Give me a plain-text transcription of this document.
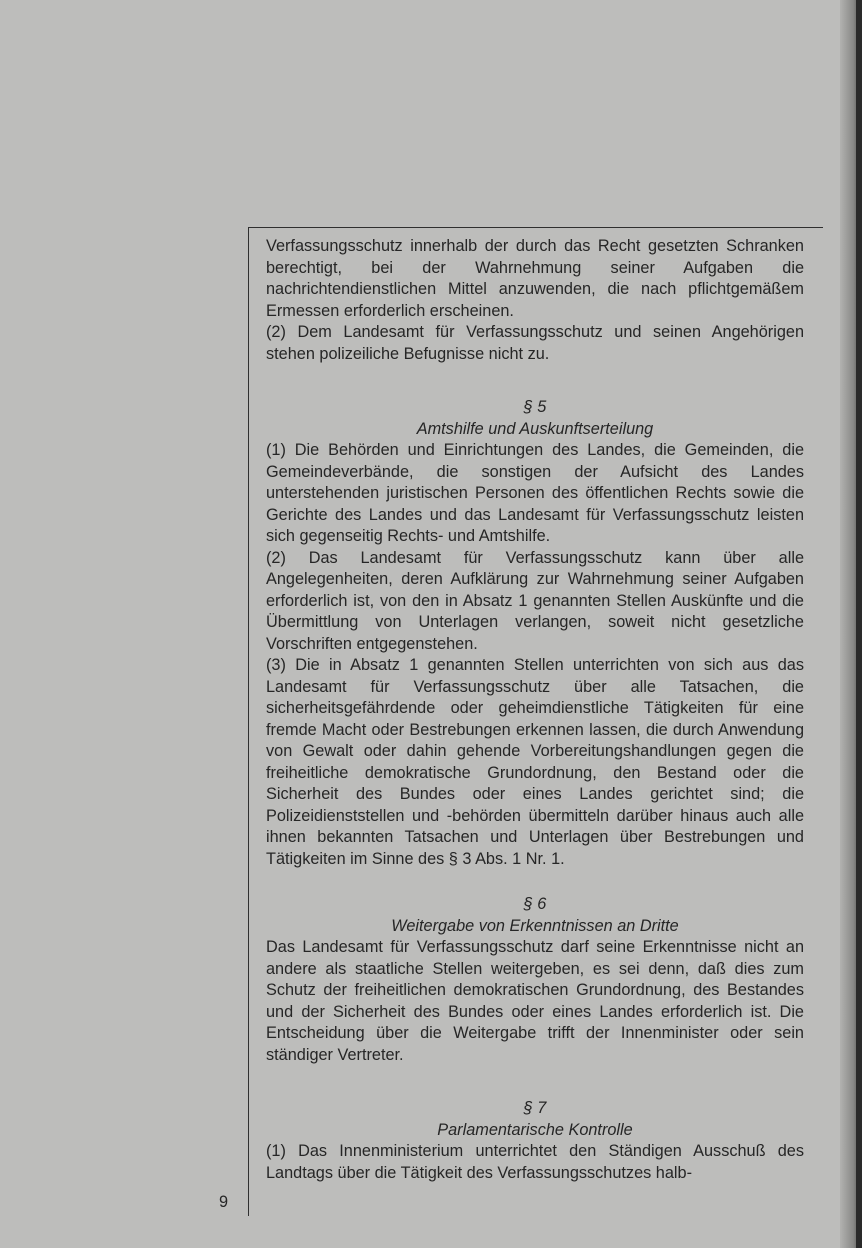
Verfassungsschutz innerhalb der durch das Recht gesetzten Schranken berechtigt, bei der Wahrnehmung seiner Aufgaben die nachrichtendienstlichen Mittel anzuwenden, die nach pflichtgemäßem Ermessen erforderlich erscheinen.

(2) Dem Landesamt für Verfassungsschutz und seinen Angehörigen stehen polizeiliche Befugnisse nicht zu.

§ 5

Amtshilfe und Auskunftserteilung

(1) Die Behörden und Einrichtungen des Landes, die Gemeinden, die Gemeindeverbände, die sonstigen der Aufsicht des Landes unterstehenden juristischen Personen des öffentlichen Rechts sowie die Gerichte des Landes und das Landesamt für Verfassungsschutz leisten sich gegenseitig Rechts- und Amtshilfe.

(2) Das Landesamt für Verfassungsschutz kann über alle Angelegenheiten, deren Aufklärung zur Wahrnehmung seiner Aufgaben erforderlich ist, von den in Absatz 1 genannten Stellen Auskünfte und die Übermittlung von Unterlagen verlangen, soweit nicht gesetzliche Vorschriften entgegenstehen.

(3) Die in Absatz 1 genannten Stellen unterrichten von sich aus das Landesamt für Verfassungsschutz über alle Tatsachen, die sicherheitsgefährdende oder geheimdienstliche Tätigkeiten für eine fremde Macht oder Bestrebungen erkennen lassen, die durch Anwendung von Gewalt oder dahin gehende Vorbereitungshandlungen gegen die freiheitliche demokratische Grundordnung, den Bestand oder die Sicherheit des Bundes oder eines Landes gerichtet sind; die Polizeidienststellen und -behörden übermitteln darüber hinaus auch alle ihnen bekannten Tatsachen und Unterlagen über Bestrebungen und Tätigkeiten im Sinne des § 3 Abs. 1 Nr. 1.

§ 6

Weitergabe von Erkenntnissen an Dritte

Das Landesamt für Verfassungsschutz darf seine Erkenntnisse nicht an andere als staatliche Stellen weitergeben, es sei denn, daß dies zum Schutz der freiheitlichen demokratischen Grundordnung, des Bestandes und der Sicherheit des Bundes oder eines Landes erforderlich ist. Die Entscheidung über die Weitergabe trifft der Innenminister oder sein ständiger Vertreter.

§ 7

Parlamentarische Kontrolle

(1) Das Innenministerium unterrichtet den Ständigen Ausschuß des Landtags über die Tätigkeit des Verfassungsschutzes halb-

9
